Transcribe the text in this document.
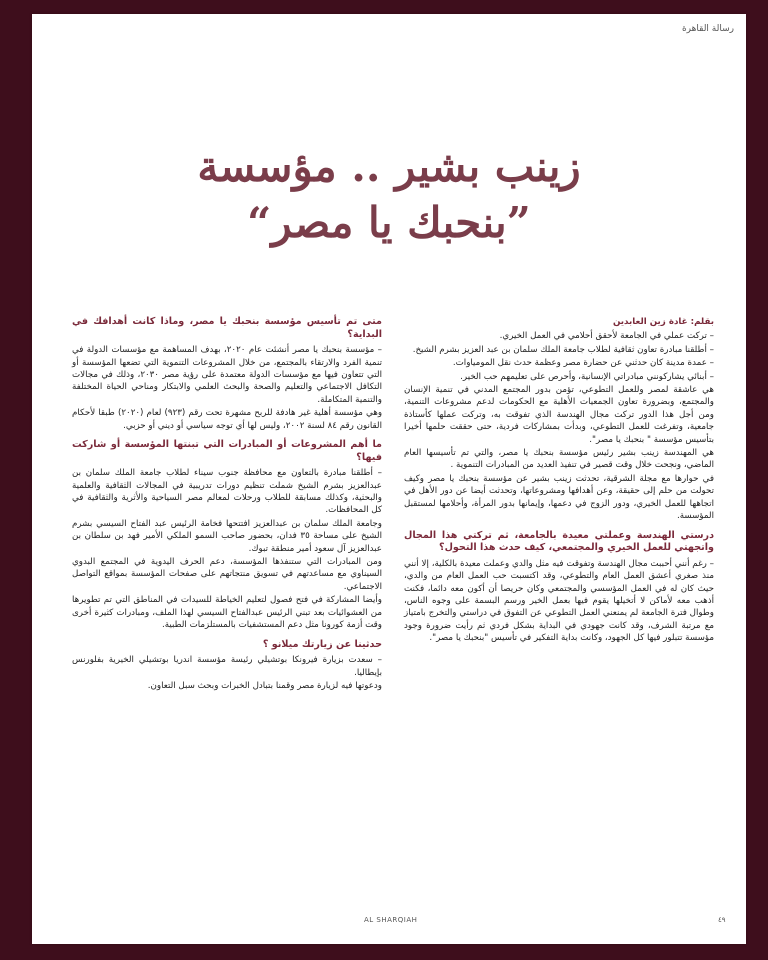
رسالة القاهرة
زينب بشير .. مؤسسة
”بنحبك يا مصر“

بقلم: غادة زين العابدين

– تركت عملي في الجامعة لأحقق أحلامي في العمل الخيري.

– أطلقنا مبادرة تعاون ثقافية لطلاب جامعة الملك سلمان بن عبد العزيز بشرم الشيخ.

– عمدة مدينة كان حدثني عن حضارة مصر وعظمة حدث نقل المومياوات.

– أبنائي يشاركونني مبادراتي الإنسانية، وأحرص على تعليمهم حب الخير.

هي عاشقة لمصر وللعمل التطوعي، تؤمن بدور المجتمع المدني في تنمية الإنسان والمجتمع، وبضرورة تعاون الجمعيات الأهلية مع الحكومات لدعم مشروعات التنمية، ومن أجل هذا الدور تركت مجال الهندسة الذي تفوقت به، وتركت عملها كأستاذة جامعية، وتفرغت للعمل التطوعي، وبدأت بمشاركات فردية، حتى حققت حلمها أخيرا بتأسيس مؤسسة " بنحبك يا مصر".

هي المهندسة زينب بشير رئيس مؤسسة بنحبك يا مصر، والتي تم تأسيسها العام الماضي، ونجحت خلال وقت قصير في تنفيذ العديد من المبادرات التنموية .

في حوارها مع مجلة الشرقية، تحدثت زينب بشير عن مؤسسة بنحبك يا مصر وكيف تحولت من حلم إلى حقيقة، وعن أهدافها ومشروعاتها، وتحدثت أيضا عن دور الأهل في اتجاهها للعمل الخيري، ودور الزوج في دعمها، وإيمانها بدور المرأة، وأحلامها لمستقبل المؤسسة.

درستي الهندسة وعملتي معيدة بالجامعة، ثم تركتي هذا المجال واتجهتي للعمل الخيري والمجتمعي، كيف حدث هذا التحول؟

– رغم أنني أحببت مجال الهندسة وتفوقت فيه مثل والدي وعملت معيدة بالكلية، إلا أنني منذ صغري أعشق العمل العام والتطوعي، وقد اكتسبت حب العمل العام من والدي، حيث كان له في العمل المؤسسي والمجتمعي وكان حريصا أن أكون معه دائما، فكنت أذهب معه لأماكن لا أتخيلها يقوم فيها بعمل الخير ورسم البسمة على وجوه الناس، وطوال فترة الجامعة لم يمنعني العمل التطوعي عن التفوق في دراستي والتخرج بامتياز مع مرتبة الشرف، وقد كانت جهودي في البداية بشكل فردي ثم رأيت ضرورة وجود مؤسسة تتبلور فيها كل الجهود، وكانت بداية التفكير في تأسيس "بنحبك يا مصر".

متى تم تأسيس مؤسسة بنحبك يا مصر، وماذا كانت أهدافك في البداية؟

– مؤسسة بنحبك يا مصر أنشئت عام ٢٠٢٠، بهدف المساهمة مع مؤسسات الدولة في تنمية الفرد والارتقاء بالمجتمع، من خلال المشروعات التنموية التي تضعها المؤسسة أو التي تتعاون فيها مع مؤسسات الدولة معتمدة على رؤية مصر ٢٠٣٠، وذلك في مجالات التكافل الاجتماعي والتعليم والصحة والبحث العلمي والابتكار ومناحي الحياة المختلفة والتنمية المتكاملة.

وهي مؤسسة أهلية غير هادفة للربح مشهرة تحت رقم (٩٢٣) لعام (٢٠٢٠) طبقا لأحكام القانون رقم ٨٤ لسنة ٢٠٠٢، وليس لها أي توجه سياسي أو ديني أو حزبي.

ما أهم المشروعات أو المبادرات التي تبنتها المؤسسة أو شاركت فيها؟

– أطلقنا مبادرة بالتعاون مع محافظة جنوب سيناء لطلاب جامعة الملك سلمان بن عبدالعزيز بشرم الشيخ شملت تنظيم دورات تدريبية في المجالات الثقافية والعلمية والبحثية، وكذلك مسابقة للطلاب ورحلات لمعالم مصر السياحية والأثرية والثقافية في كل المحافظات.

وجامعة الملك سلمان بن عبدالعزيز افتتحها فخامة الرئيس عبد الفتاح السيسي بشرم الشيخ على مساحة ٣٥ فدان، بحضور صاحب السمو الملكي الأمير فهد بن سلطان بن عبدالعزيز آل سعود أمير منطقة تبوك.

ومن المبادرات التي ستنفذها المؤسسة، دعم الحرف اليدوية في المجتمع البدوي السيناوي مع مساعدتهم في تسويق منتجاتهم على صفحات المؤسسة بمواقع التواصل الاجتماعي.

وأيضا المشاركة في فتح فصول لتعليم الخياطة للسيدات في المناطق التي تم تطويرها من العشوائيات بعد تبني الرئيس عبدالفتاح السيسي لهذا الملف، ومبادرات كثيرة أخرى وقت أزمة كورونا مثل دعم المستشفيات بالمستلزمات الطبية.

حدثينا عن زيارتك ميلانو ؟

– سعدت بزيارة فيرونكا بوتشيلي رئيسة مؤسسة اندريا بوتشيلي الخيرية بفلورنس بإيطاليا.

ودعوتها فيه لزيارة مصر وقمنا بتبادل الخبرات وبحث سبل التعاون.

AL SHARQIAH	٤٩
